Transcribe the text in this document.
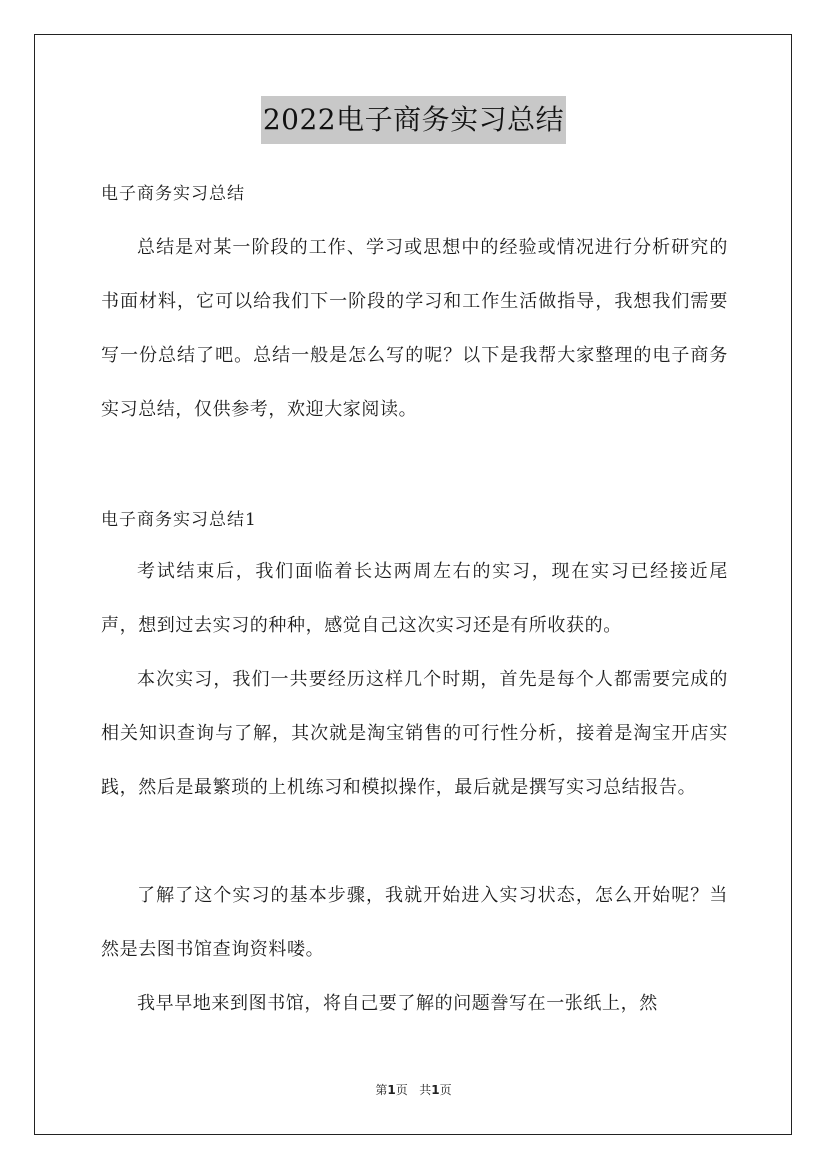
2022电子商务实习总结
电子商务实习总结

总结是对某一阶段的工作、学习或思想中的经验或情况进行分析研究的书面材料，它可以给我们下一阶段的学习和工作生活做指导，我想我们需要写一份总结了吧。总结一般是怎么写的呢？以下是我帮大家整理的电子商务实习总结，仅供参考，欢迎大家阅读。

电子商务实习总结1

考试结束后，我们面临着长达两周左右的实习，现在实习已经接近尾声，想到过去实习的种种，感觉自己这次实习还是有所收获的。

本次实习，我们一共要经历这样几个时期，首先是每个人都需要完成的相关知识查询与了解，其次就是淘宝销售的可行性分析，接着是淘宝开店实践，然后是最繁琐的上机练习和模拟操作，最后就是撰写实习总结报告。

了解了这个实习的基本步骤，我就开始进入实习状态，怎么开始呢？当然是去图书馆查询资料喽。

我早早地来到图书馆，将自己要了解的问题誊写在一张纸上，然

第1页 共1页
